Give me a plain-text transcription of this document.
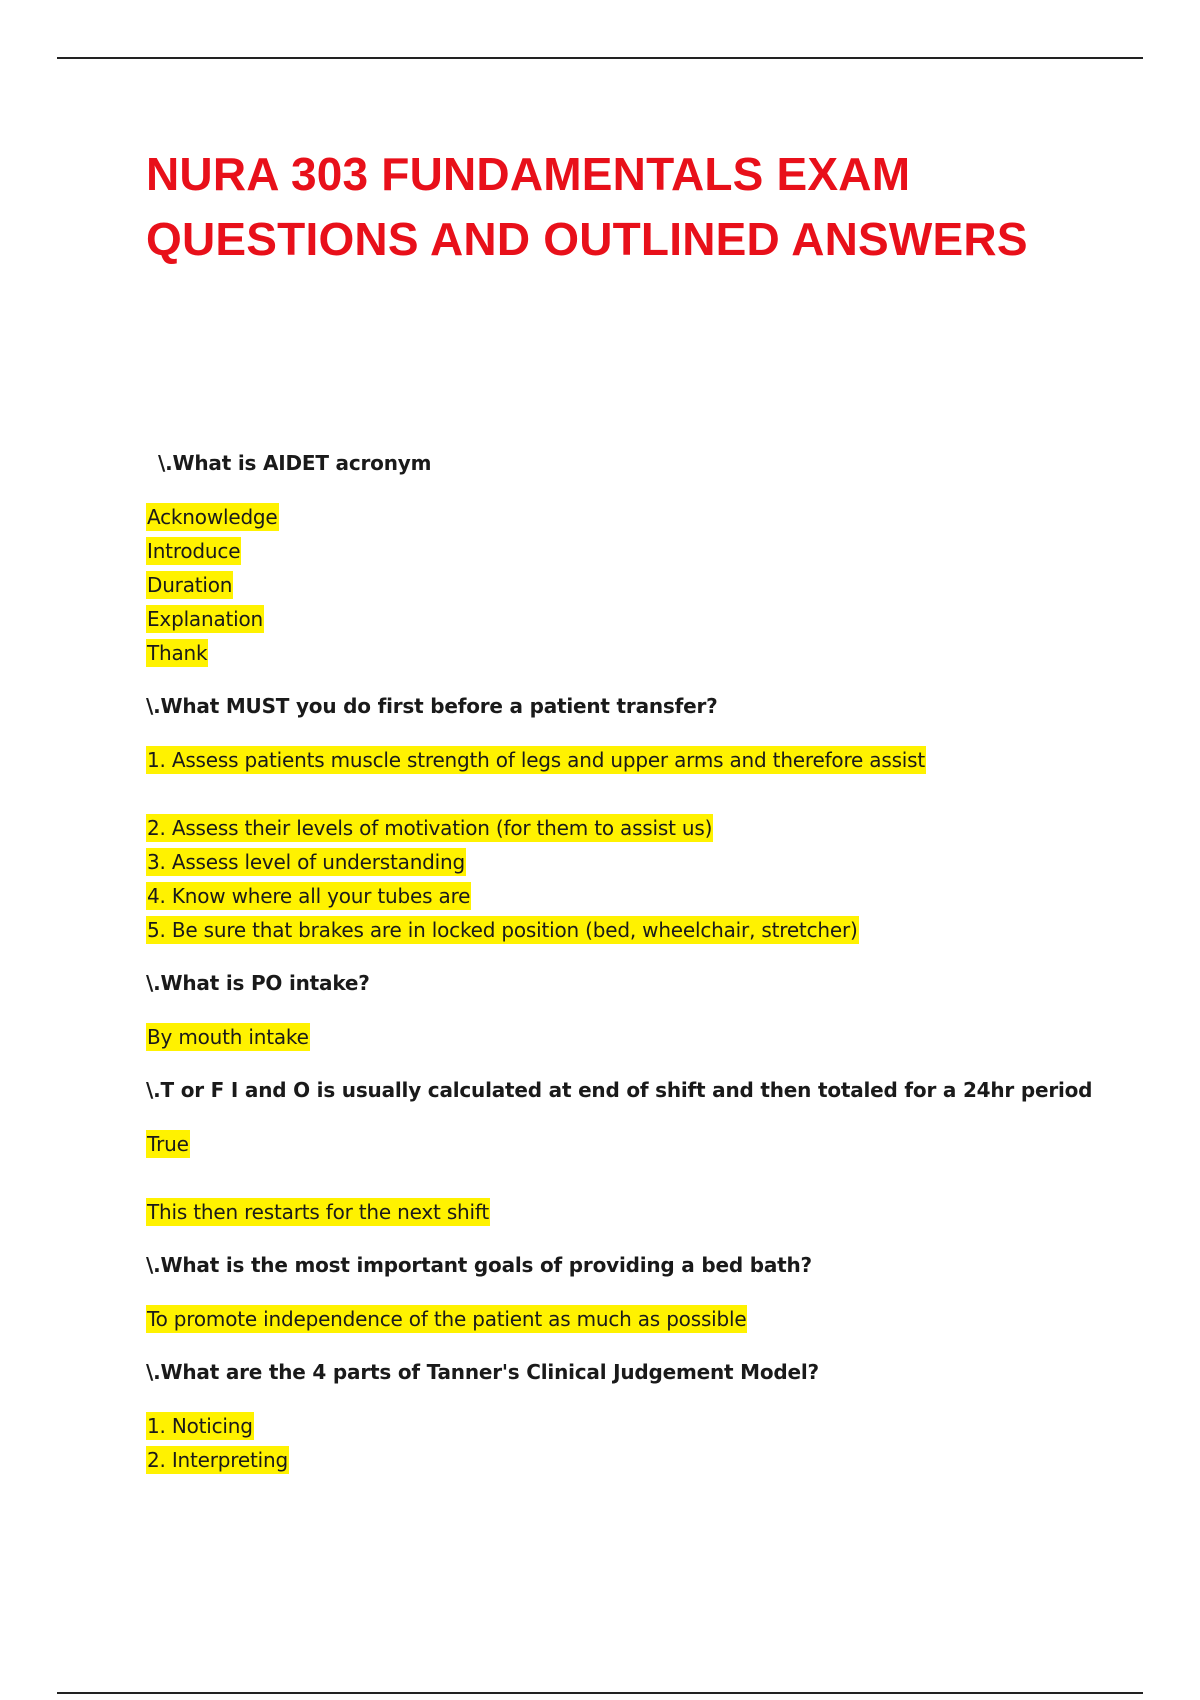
NURA 303 FUNDAMENTALS EXAM
QUESTIONS AND OUTLINED ANSWERS
\.What is AIDET acronym
Acknowledge
Introduce
Duration
Explanation
Thank
\.What MUST you do first before a patient transfer?
1. Assess patients muscle strength of legs and upper arms and therefore assist
2. Assess their levels of motivation (for them to assist us)
3. Assess level of understanding
4. Know where all your tubes are
5. Be sure that brakes are in locked position (bed, wheelchair, stretcher)
\.What is PO intake?
By mouth intake
\.T or F I and O is usually calculated at end of shift and then totaled for a 24hr period
True
This then restarts for the next shift
\.What is the most important goals of providing a bed bath?
To promote independence of the patient as much as possible
\.What are the 4 parts of Tanner's Clinical Judgement Model?
1. Noticing
2. Interpreting
